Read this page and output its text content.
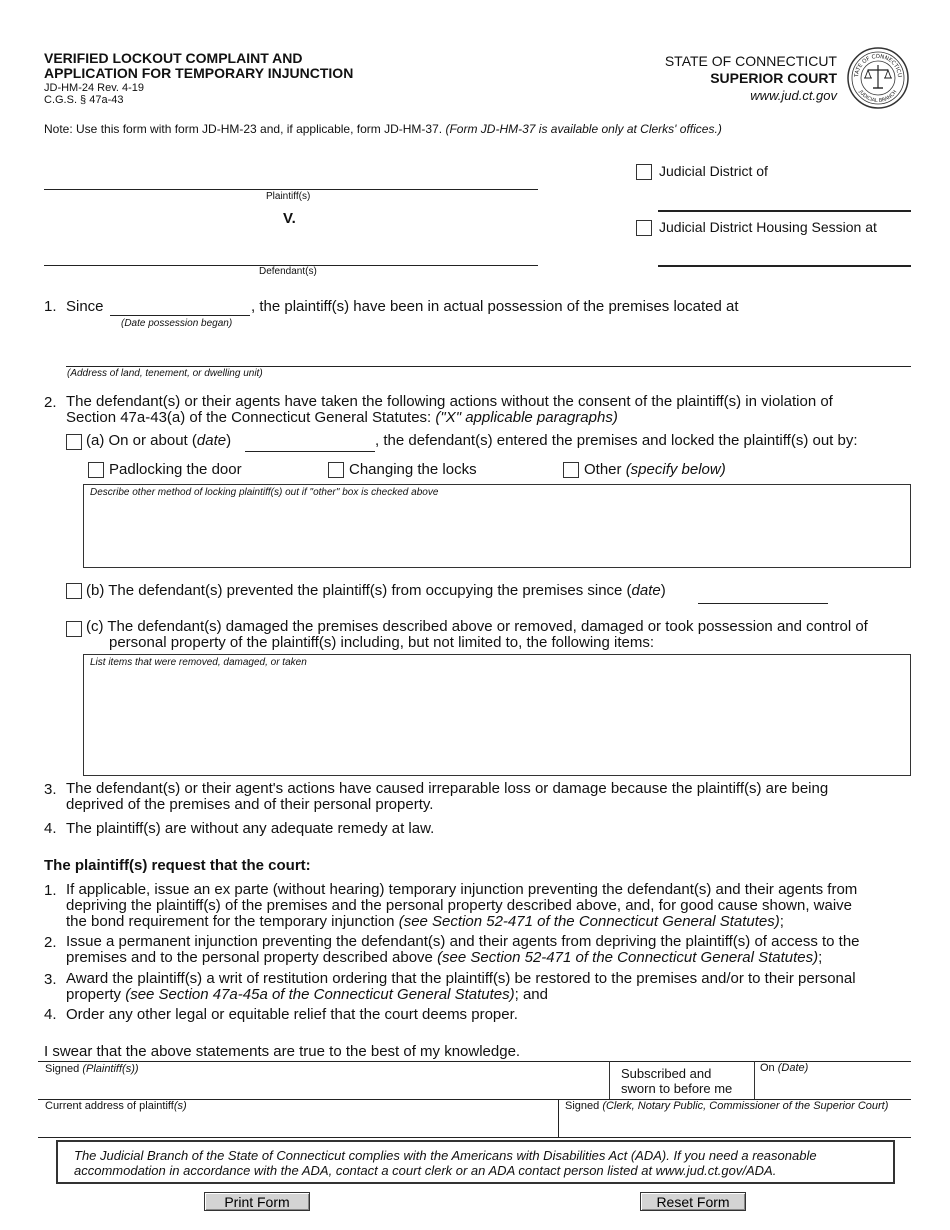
VERIFIED LOCKOUT COMPLAINT AND
APPLICATION FOR TEMPORARY INJUNCTION
JD-HM-24 Rev. 4-19
C.G.S. § 47a-43
STATE OF CONNECTICUT
SUPERIOR COURT
www.jud.ct.gov
TATE OF CONNECTICU
JUDICIAL BRANCH
Note: Use this form with form JD-HM-23 and, if applicable, form JD-HM-37. (Form JD-HM-37 is available only at Clerks' offices.)
Plaintiff(s)
V.
Defendant(s)
Judicial District of
Judicial District Housing Session at
1. Since	, the plaintiff(s) have been in actual possession of the premises located at
(Date possession began)
(Address of land, tenement, or dwelling unit)
2. The defendant(s) or their agents have taken the following actions without the consent of the plaintiff(s) in violation of
Section 47a-43(a) of the Connecticut General Statutes: ("X" applicable paragraphs)
(a) On or about (date)	, the defendant(s) entered the premises and locked the plaintiff(s) out by:
Padlocking the door	Changing the locks	Other (specify below)
Describe other method of locking plaintiff(s) out if "other" box is checked above
(b) The defendant(s) prevented the plaintiff(s) from occupying the premises since (date)
(c) The defendant(s) damaged the premises described above or removed, damaged or took possession and control of
personal property of the plaintiff(s) including, but not limited to, the following items:
List items that were removed, damaged, or taken
3. The defendant(s) or their agent's actions have caused irreparable loss or damage because the plaintiff(s) are being
deprived of the premises and of their personal property.
4. The plaintiff(s) are without any adequate remedy at law.
The plaintiff(s) request that the court:
1. If applicable, issue an ex parte (without hearing) temporary injunction preventing the defendant(s) and their agents from
depriving the plaintiff(s) of the premises and the personal property described above, and, for good cause shown, waive
the bond requirement for the temporary injunction (see Section 52-471 of the Connecticut General Statutes);
2. Issue a permanent injunction preventing the defendant(s) and their agents from depriving the plaintiff(s) of access to the
premises and to the personal property described above (see Section 52-471 of the Connecticut General Statutes);
3. Award the plaintiff(s) a writ of restitution ordering that the plaintiff(s) be restored to the premises and/or to their personal
property (see Section 47a-45a of the Connecticut General Statutes); and
4. Order any other legal or equitable relief that the court deems proper.
I swear that the above statements are true to the best of my knowledge.
Signed (Plaintiff(s))	Subscribed and
sworn to before me
On (Date)
Current address of plaintiff(s)	Signed (Clerk, Notary Public, Commissioner of the Superior Court)
The Judicial Branch of the State of Connecticut complies with the Americans with Disabilities Act (ADA). If you need a reasonable
accommodation in accordance with the ADA, contact a court clerk or an ADA contact person listed at www.jud.ct.gov/ADA.
Print Form	Reset Form
